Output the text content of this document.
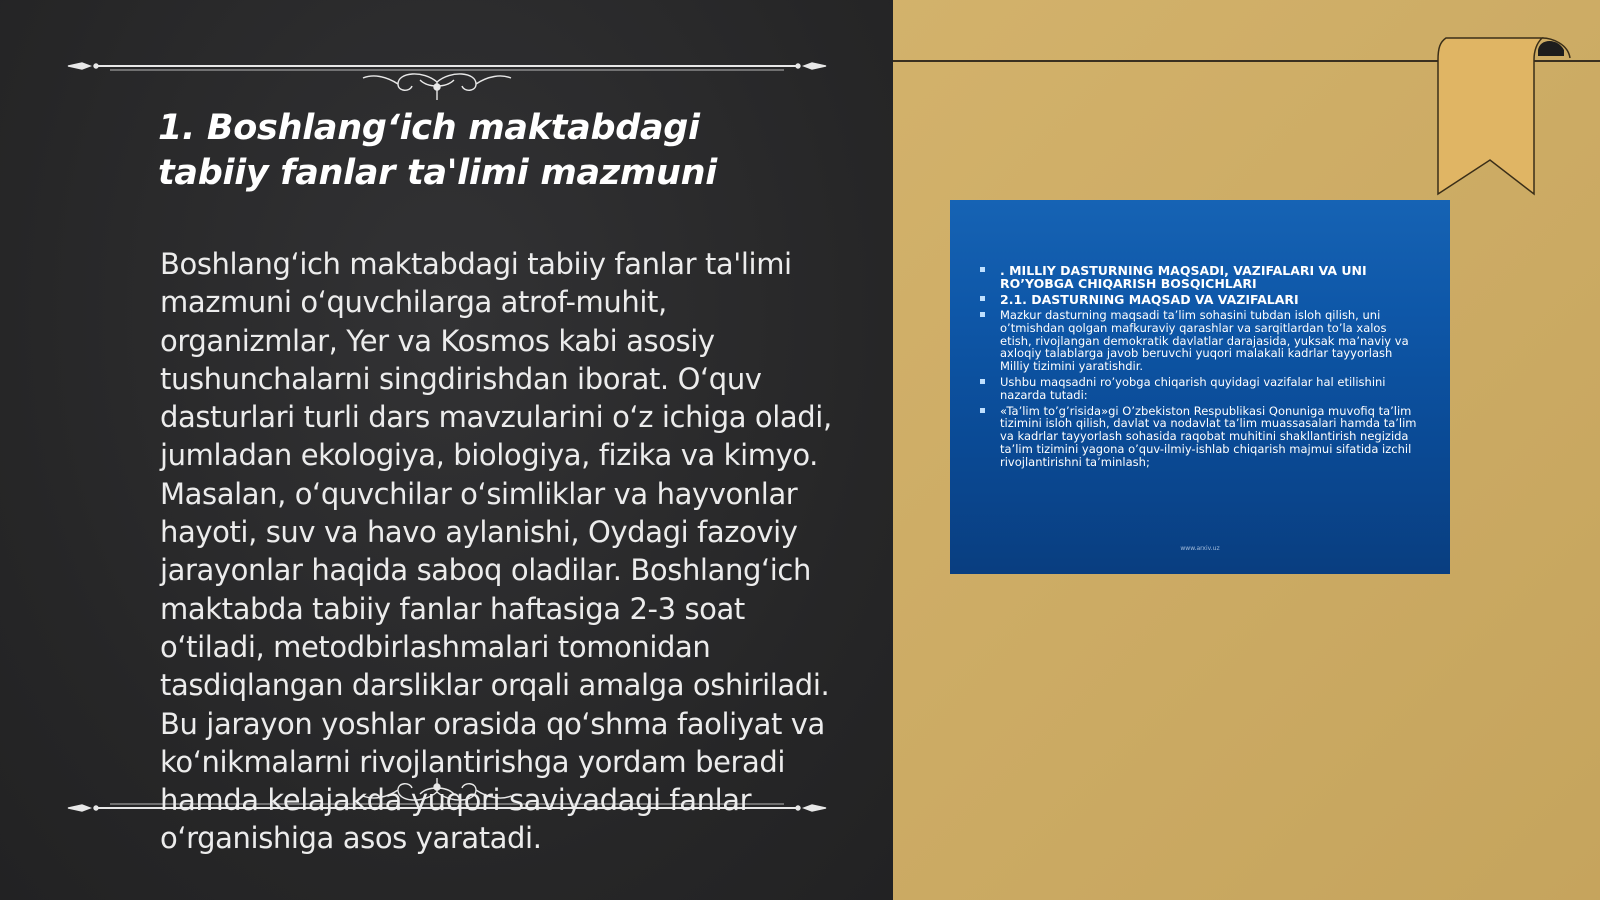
1. Boshlang‘ich maktabdagi tabiiy fanlar ta'limi mazmuni

Boshlang‘ich maktabdagi tabiiy fanlar ta'limi mazmuni o‘quvchilarga atrof-muhit, organizmlar, Yer va Kosmos kabi asosiy tushunchalarni singdirishdan iborat. O‘quv dasturlari turli dars mavzularini o‘z ichiga oladi, jumladan ekologiya, biologiya, fizika va kimyo. Masalan, o‘quvchilar o‘simliklar va hayvonlar hayoti, suv va havo aylanishi, Oydagi fazoviy jarayonlar haqida saboq oladilar. Boshlang‘ich maktabda tabiiy fanlar haftasiga 2-3 soat o‘tiladi, metodbirlashmalari tomonidan tasdiqlangan darsliklar orqali amalga oshiriladi. Bu jarayon yoshlar orasida qo‘shma faoliyat va ko‘nikmalarni rivojlantirishga yordam beradi hamda kelajakda yuqori saviyadagi fanlar o‘rganishiga asos yaratadi.

. MILLIY DASTURNING MAQSADI, VAZIFALARI VA UNI RO’YOBGA CHIQARISH BOSQICHLARI
2.1. DASTURNING MAQSAD VA VAZIFALARI
Mazkur dasturning maqsadi ta’lim sohasini tubdan isloh qilish, uni o’tmishdan qolgan mafkuraviy qarashlar va sarqitlardan to’la xalos etish, rivojlangan demokratik davlatlar darajasida, yuksak ma’naviy va axloqiy talablarga javob beruvchi yuqori malakali kadrlar tayyorlash Milliy tizimini yaratishdir.
Ushbu maqsadni ro’yobga chiqarish quyidagi vazifalar hal etilishini nazarda tutadi:
«Ta’lim to’g’risida»gi O’zbekiston Respublikasi Qonuniga muvofiq ta’lim tizimini isloh qilish, davlat va nodavlat ta’lim muassasalari hamda ta’lim va kadrlar tayyorlash sohasida raqobat muhitini shakllantirish negizida ta’lim tizimini yagona o’quv-ilmiy-ishlab chiqarish majmui sifatida izchil rivojlantirishni ta’minlash;
www.arxiv.uz
